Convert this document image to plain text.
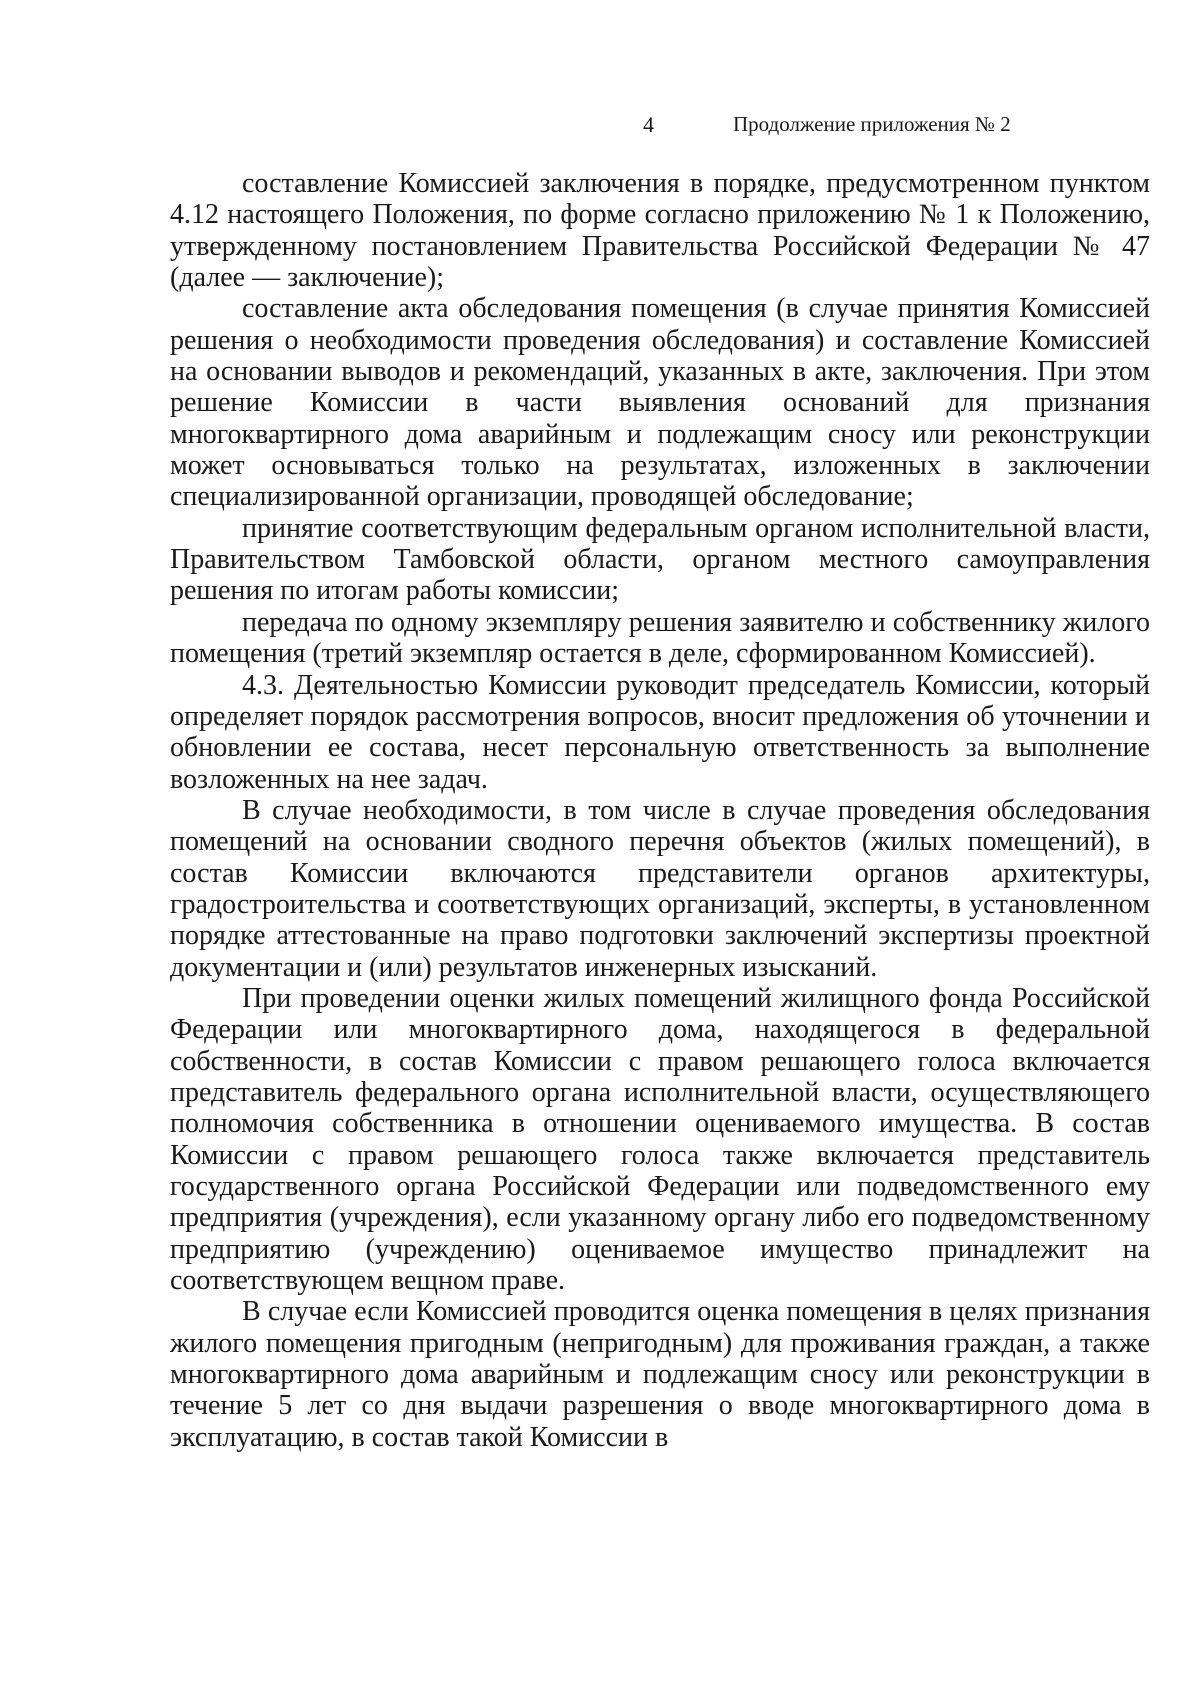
4	Продолжение приложения № 2

составление Комиссией заключения в порядке, предусмотренном пунктом 4.12 настоящего Положения, по форме согласно приложению № 1 к Положению, утвержденному постановлением Правительства Российской Федерации № 47 (далее — заключение);

составление акта обследования помещения (в случае принятия Комиссией решения о необходимости проведения обследования) и составление Комиссией на основании выводов и рекомендаций, указанных в акте, заключения. При этом решение Комиссии в части выявления оснований для признания многоквартирного дома аварийным и подлежащим сносу или реконструкции может основываться только на результатах, изложенных в заключении специализированной организации, проводящей обследование;

принятие соответствующим федеральным органом исполнительной власти, Правительством Тамбовской области, органом местного самоуправления решения по итогам работы комиссии;

передача по одному экземпляру решения заявителю и собственнику жилого помещения (третий экземпляр остается в деле, сформированном Комиссией).

4.3. Деятельностью Комиссии руководит председатель Комиссии, который определяет порядок рассмотрения вопросов, вносит предложения об уточнении и обновлении ее состава, несет персональную ответственность за выполнение возложенных на нее задач.

В случае необходимости, в том числе в случае проведения обследования помещений на основании сводного перечня объектов (жилых помещений), в состав Комиссии включаются представители органов архитектуры, градостроительства и соответствующих организаций, эксперты, в установленном порядке аттестованные на право подготовки заключений экспертизы проектной документации и (или) результатов инженерных изысканий.

При проведении оценки жилых помещений жилищного фонда Российской Федерации или многоквартирного дома, находящегося в федеральной собственности, в состав Комиссии с правом решающего голоса включается представитель федерального органа исполнительной власти, осуществляющего полномочия собственника в отношении оцениваемого имущества. В состав Комиссии с правом решающего голоса также включается представитель государственного органа Российской Федерации или подведомственного ему предприятия (учреждения), если указанному органу либо его подведомственному предприятию (учреждению) оцениваемое имущество принадлежит на соответствующем вещном праве.

В случае если Комиссией проводится оценка помещения в целях признания жилого помещения пригодным (непригодным) для проживания граждан, а также многоквартирного дома аварийным и подлежащим сносу или реконструкции в течение 5 лет со дня выдачи разрешения о вводе многоквартирного дома в эксплуатацию, в состав такой Комиссии в
